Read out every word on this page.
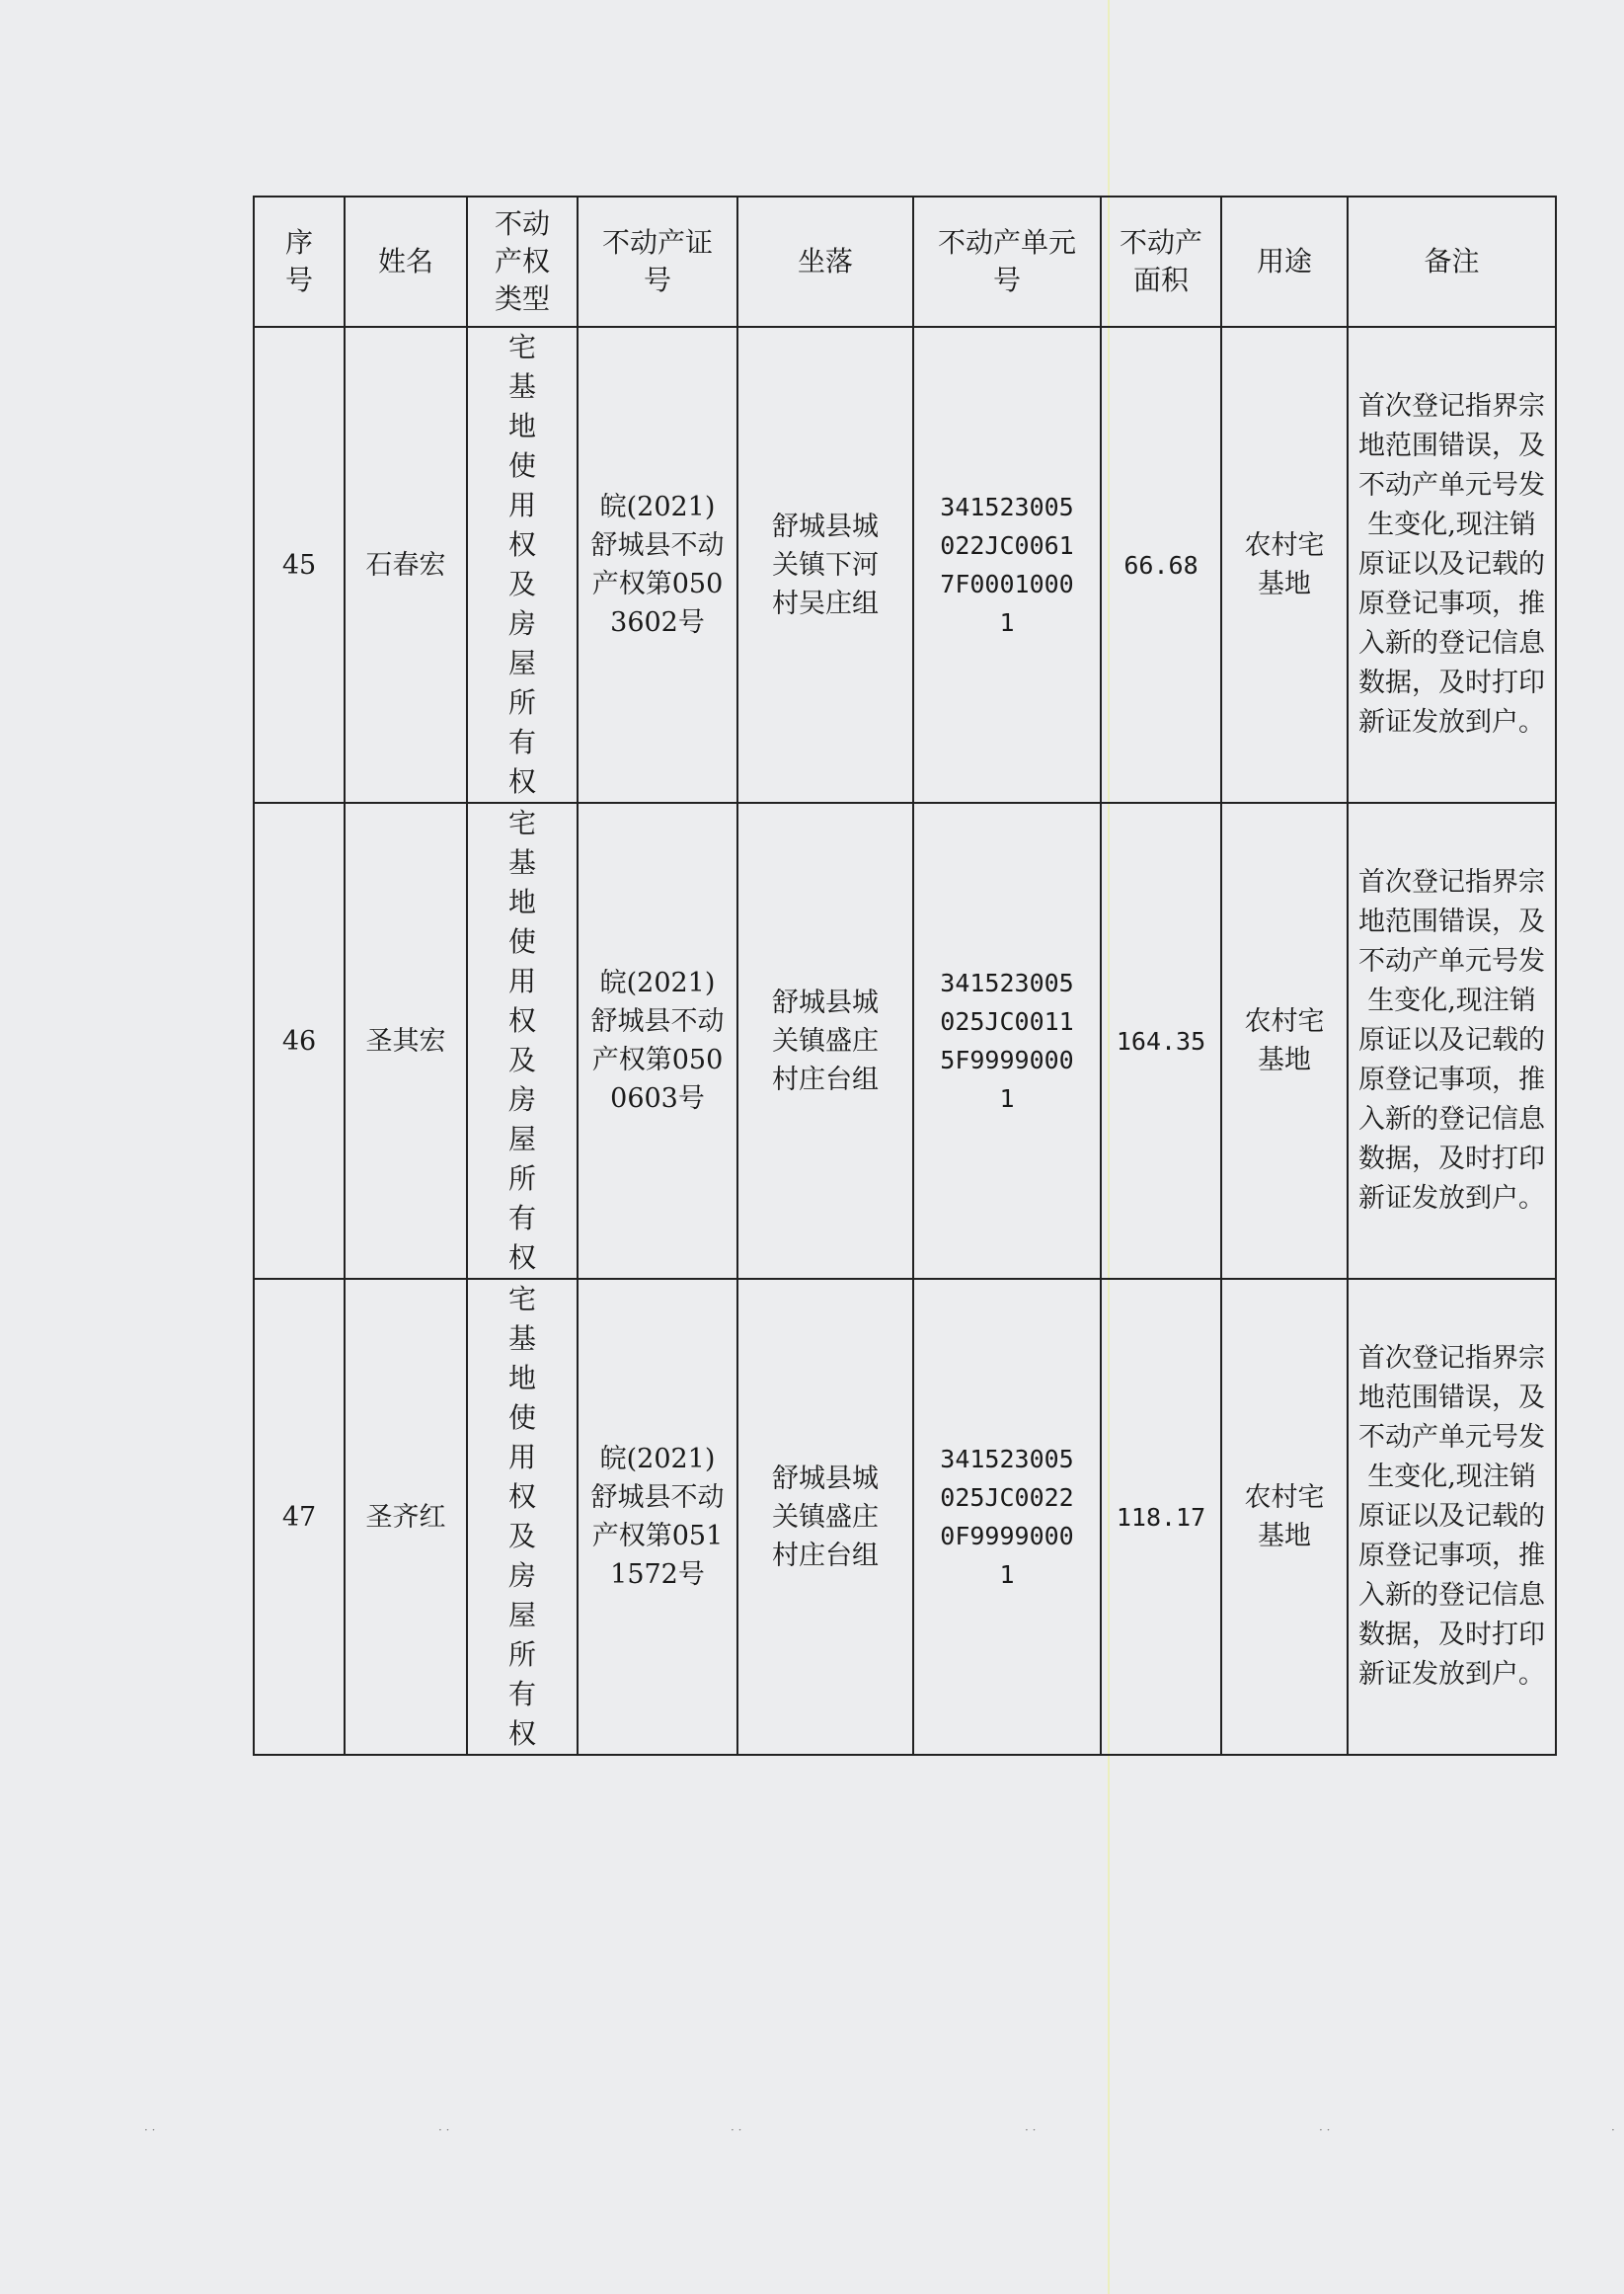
序号	姓名	不动产权类型	不动产证号	坐落	不动产单元号	不动产面积	用途	备注

45	石春宏	宅基地使用权及房屋所有权	皖(2021)舒城县不动产权第0503602号	舒城县城关镇下河村吴庄组	341523005022JC00617F00010001	66.68	农村宅基地	首次登记指界宗地范围错误，及不动产单元号发生变化,现注销原证以及记载的原登记事项，推入新的登记信息数据，及时打印新证发放到户。

46	圣其宏	宅基地使用权及房屋所有权	皖(2021)舒城县不动产权第0500603号	舒城县城关镇盛庄村庄台组	341523005025JC00115F99990001	164.35	农村宅基地	首次登记指界宗地范围错误，及不动产单元号发生变化,现注销原证以及记载的原登记事项，推入新的登记信息数据，及时打印新证发放到户。

47	圣齐红	宅基地使用权及房屋所有权	皖(2021)舒城县不动产权第0511572号	舒城县城关镇盛庄村庄台组	341523005025JC00220F99990001	118.17	农村宅基地	首次登记指界宗地范围错误，及不动产单元号发生变化,现注销原证以及记载的原登记事项，推入新的登记信息数据，及时打印新证发放到户。
· ·	· ·	· ·	· ·	· ·	·
